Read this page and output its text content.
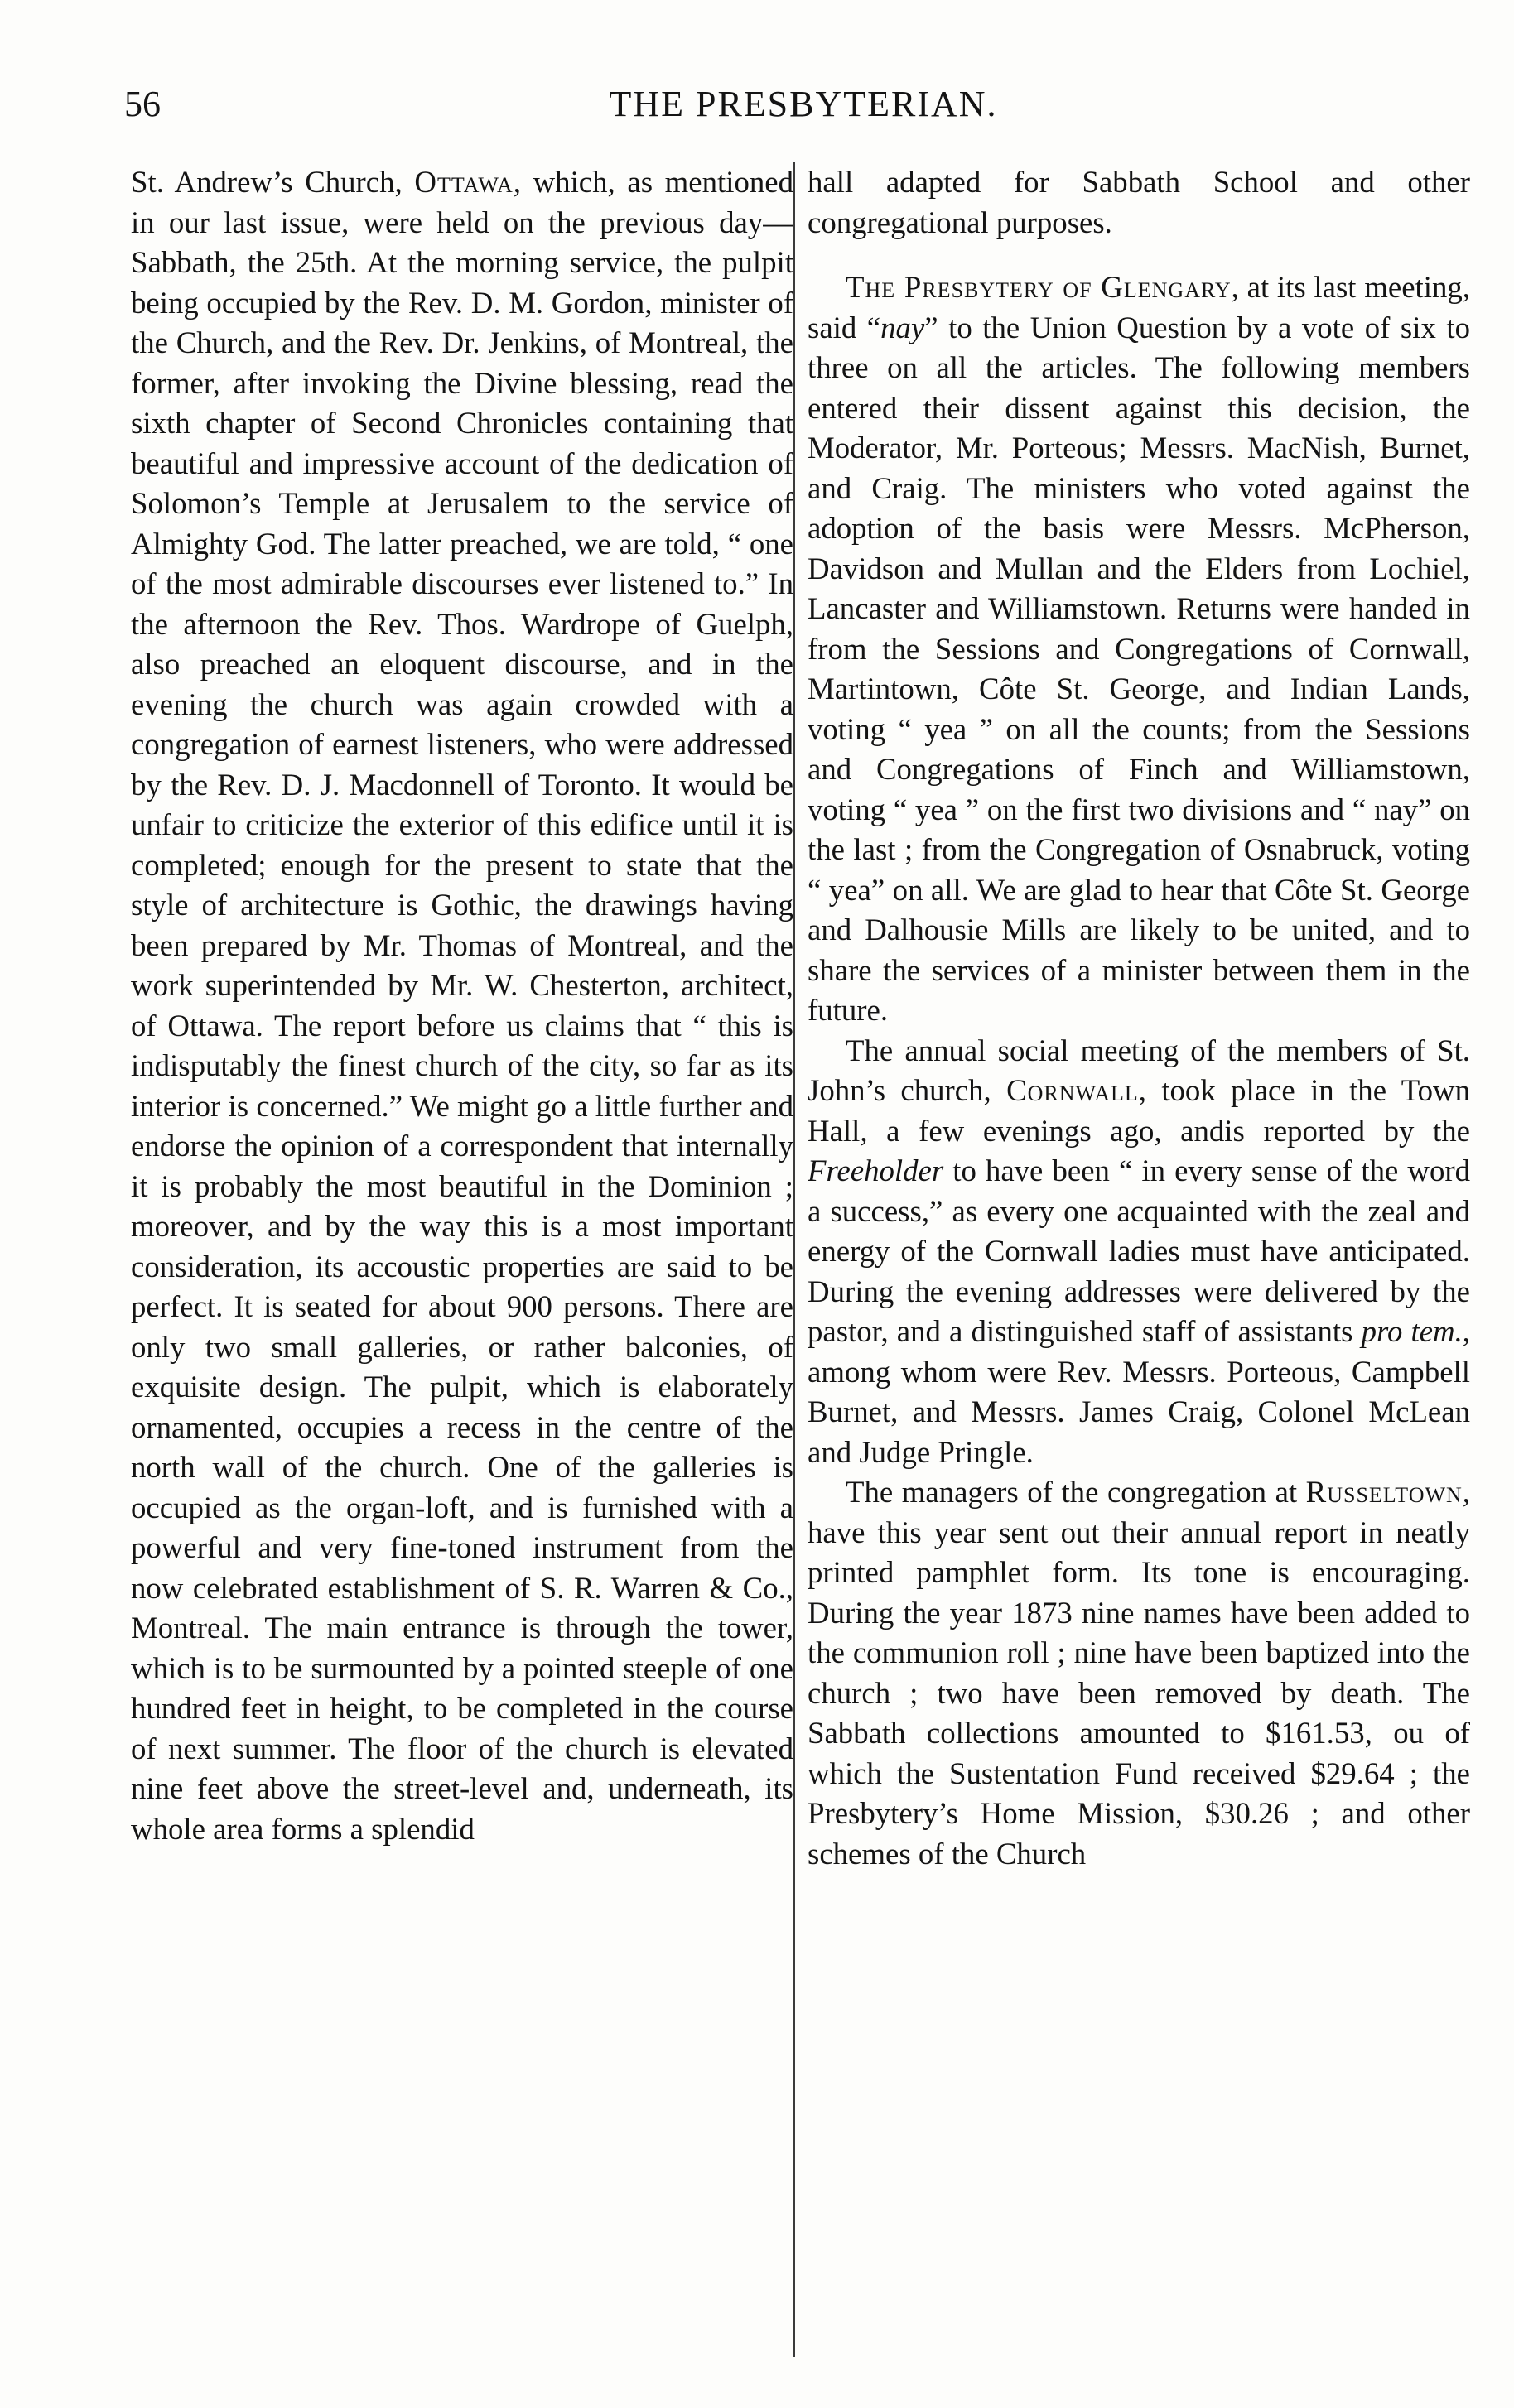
56	THE PRESBYTERIAN.

St. Andrew’s Church, Ottawa, which, as mentioned in our last issue, were held on the previous day—Sabbath, the 25th. At the morning service, the pulpit being occupied by the Rev. D. M. Gordon, minister of the Church, and the Rev. Dr. Jenkins, of Montreal, the former, after invoking the Divine blessing, read the sixth chapter of Second Chronicles containing that beautiful and impressive account of the dedication of Solomon’s Temple at Jerusalem to the service of Almighty God. The latter preached, we are told, “ one of the most admirable discourses ever listened to.” In the afternoon the Rev. Thos. Wardrope of Guelph, also preached an eloquent discourse, and in the evening the church was again crowded with a congregation of earnest listeners, who were addressed by the Rev. D. J. Macdonnell of Toronto. It would be unfair to criticize the exterior of this edifice until it is completed; enough for the present to state that the style of architecture is Gothic, the drawings having been prepared by Mr. Thomas of Montreal, and the work superintended by Mr. W. Chesterton, architect, of Ottawa. The report before us claims that “ this is indisputably the finest church of the city, so far as its interior is concerned.” We might go a little further and endorse the opinion of a correspondent that internally it is probably the most beautiful in the Dominion ; moreover, and by the way this is a most important consideration, its accoustic properties are said to be perfect. It is seated for about 900 persons. There are only two small galleries, or rather balconies, of exquisite design. The pulpit, which is elaborately ornamented, occupies a recess in the centre of the north wall of the church. One of the galleries is occupied as the organ-loft, and is furnished with a powerful and very fine-toned instrument from the now celebrated establishment of S. R. Warren & Co., Montreal. The main entrance is through the tower, which is to be surmounted by a pointed steeple of one hundred feet in height, to be completed in the course of next summer. The floor of the church is elevated nine feet above the street-level and, underneath, its whole area forms a splendid

hall adapted for Sabbath School and other congregational purposes.

The Presbytery of Glengary, at its last meeting, said “nay” to the Union Question by a vote of six to three on all the articles. The following members entered their dissent against this decision, the Moderator, Mr. Porteous; Messrs. MacNish, Burnet, and Craig. The ministers who voted against the adoption of the basis were Messrs. McPherson, Davidson and Mullan and the Elders from Lochiel, Lancaster and Williamstown. Returns were handed in from the Sessions and Congregations of Cornwall, Martintown, Côte St. George, and Indian Lands, voting “ yea ” on all the counts; from the Sessions and Congregations of Finch and Williamstown, voting “ yea ” on the first two divisions and “ nay” on the last ; from the Congregation of Osnabruck, voting “ yea” on all. We are glad to hear that Côte St. George and Dalhousie Mills are likely to be united, and to share the services of a minister between them in the future.

The annual social meeting of the members of St. John’s church, Cornwall, took place in the Town Hall, a few evenings ago, andis reported by the Freeholder to have been “ in every sense of the word a success,” as every one acquainted with the zeal and energy of the Cornwall ladies must have anticipated. During the evening addresses were delivered by the pastor, and a distinguished staff of assistants pro tem., among whom were Rev. Messrs. Porteous, Campbell Burnet, and Messrs. James Craig, Colonel McLean and Judge Pringle.

The managers of the congregation at Russeltown, have this year sent out their annual report in neatly printed pamphlet form. Its tone is encouraging. During the year 1873 nine names have been added to the communion roll ; nine have been baptized into the church ; two have been removed by death. The Sabbath collections amounted to $161.53, ou of which the Sustentation Fund received $29.64 ; the Presbytery’s Home Mission, $30.26 ; and other schemes of the Church
